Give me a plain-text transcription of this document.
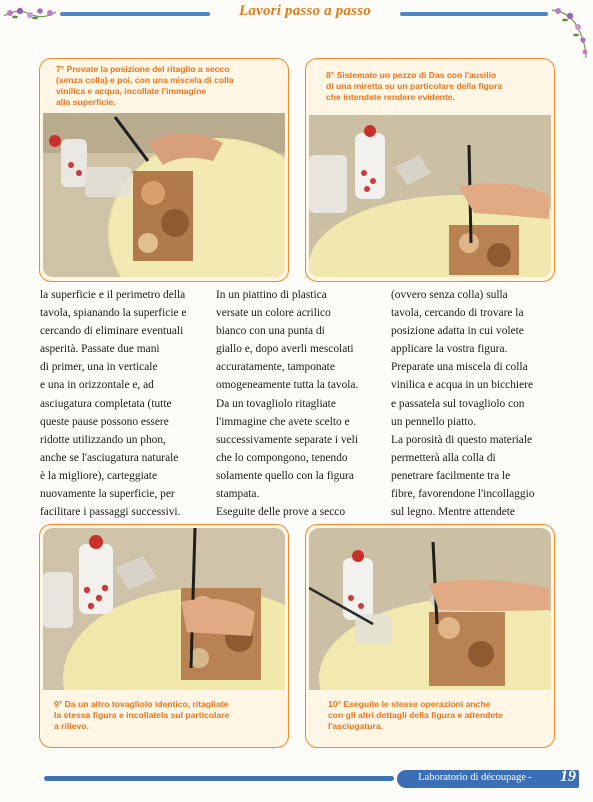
Lavori passo a passo
7° Provate la posizione del ritaglio a secco
(senza colla) e poi, con una miscela di colla
vinilica e acqua, incollate l'immagine
alla superficie.
8° Sistemate un pezzo di Das con l'ausilio
di una miretta su un particolare della figura
che intendete rendere evidente.
la superficie e il perimetro della
tavola, spianando la superficie e
cercando di eliminare eventuali
asperità. Passate due mani
di primer, una in verticale
e una in orizzontale e, ad
asciugatura completata (tutte
queste pause possono essere
ridotte utilizzando un phon,
anche se l'asciugatura naturale
è la migliore), carteggiate
nuovamente la superficie, per
facilitare i passaggi successivi.
In un piattino di plastica
versate un colore acrilico
bianco con una punta di
giallo e, dopo averli mescolati
accuratamente, tamponate
omogeneamente tutta la tavola.
Da un tovagliolo ritagliate
l'immagine che avete scelto e
successivamente separate i veli
che lo compongono, tenendo
solamente quello con la figura
stampata.
Eseguite delle prove a secco
(ovvero senza colla) sulla
tavola, cercando di trovare la
posizione adatta in cui volete
applicare la vostra figura.
Preparate una miscela di colla
vinilica e acqua in un bicchiere
e passatela sul tovagliolo con
un pennello piatto.
La porosità di questo materiale
permetterà alla colla di
penetrare facilmente tra le
fibre, favorendone l'incollaggio
sul legno. Mentre attendete
9° Da un altro tovagliolo identico, ritagliate
la stessa figura e incollatela sul particolare
a rilievo.
10° Eseguite le stesse operazioni anche
con gli altri dettagli della figura e attendete
l'asciugatura.
Laboratorio di découpage -	19
